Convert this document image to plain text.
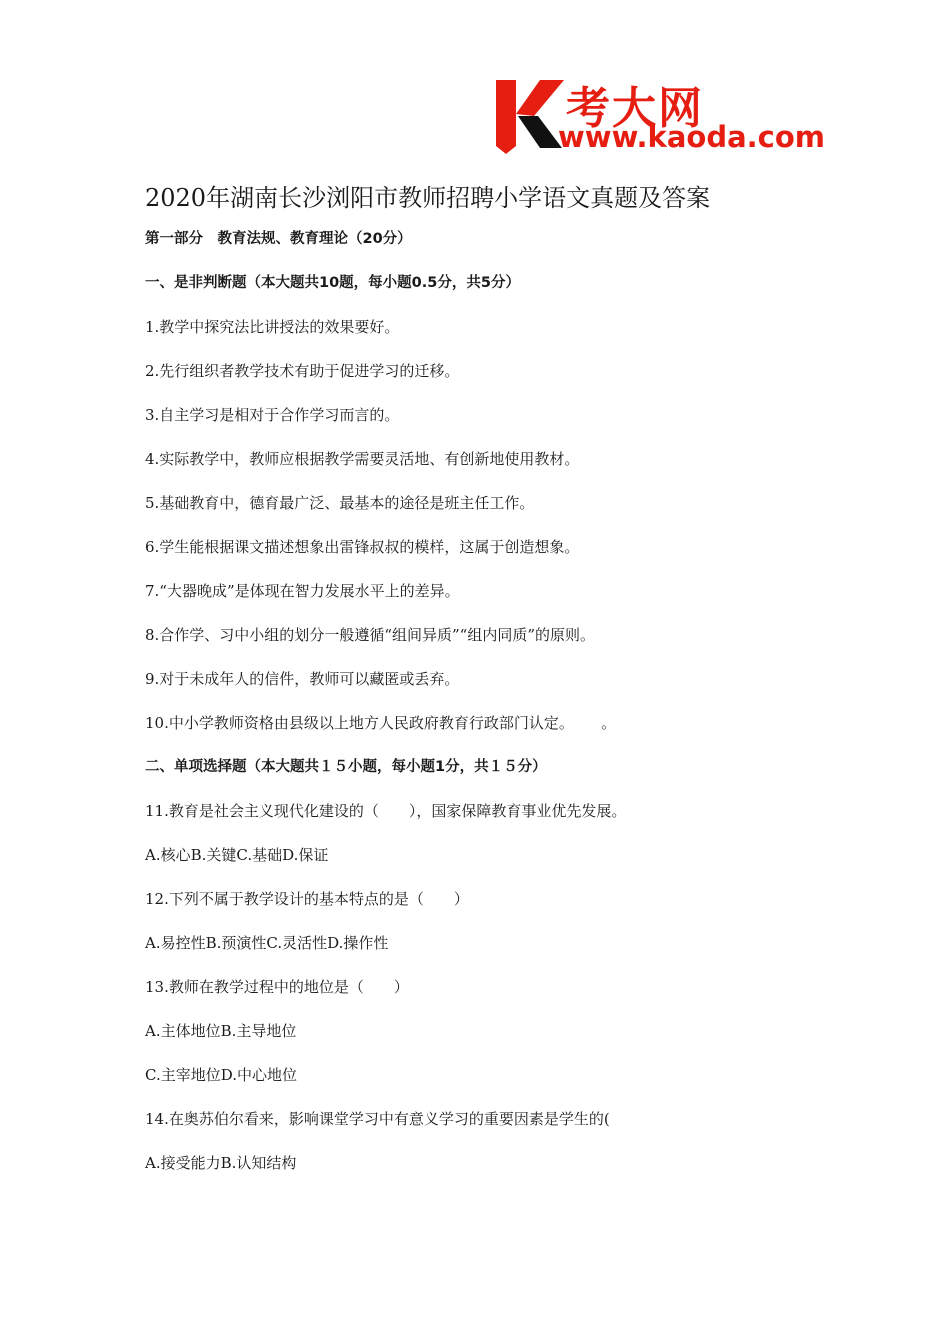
考大网
www.kaoda.com
2020年湖南长沙浏阳市教师招聘小学语文真题及答案
第一部分　教育法规、教育理论（20分）
一、是非判断题（本大题共10题，每小题0.5分，共5分）
1.教学中探究法比讲授法的效果要好。
2.先行组织者教学技术有助于促进学习的迁移。
3.自主学习是相对于合作学习而言的。
4.实际教学中，教师应根据教学需要灵活地、有创新地使用教材。
5.基础教育中，德育最广泛、最基本的途径是班主任工作。
6.学生能根据课文描述想象出雷锋叔叔的模样，这属于创造想象。
7.“大器晚成”是体现在智力发展水平上的差异。
8.合作学、习中小组的划分一般遵循“组间异质”“组内同质”的原则。
9.对于未成年人的信件，教师可以藏匿或丢弃。
10.中小学教师资格由县级以上地方人民政府教育行政部门认定。　　 。
二、单项选择题（本大题共１５小题，每小题1分，共１５分）
11.教育是社会主义现代化建设的（　　），国家保障教育事业优先发展。
A.核心B.关键C.基础D.保证
12.下列不属于教学设计的基本特点的是（　　）
A.易控性B.预演性C.灵活性D.操作性
13.教师在教学过程中的地位是（　　）
A.主体地位B.主导地位
C.主宰地位D.中心地位
14.在奥苏伯尔看来，影响课堂学习中有意义学习的重要因素是学生的(
A.接受能力B.认知结构
